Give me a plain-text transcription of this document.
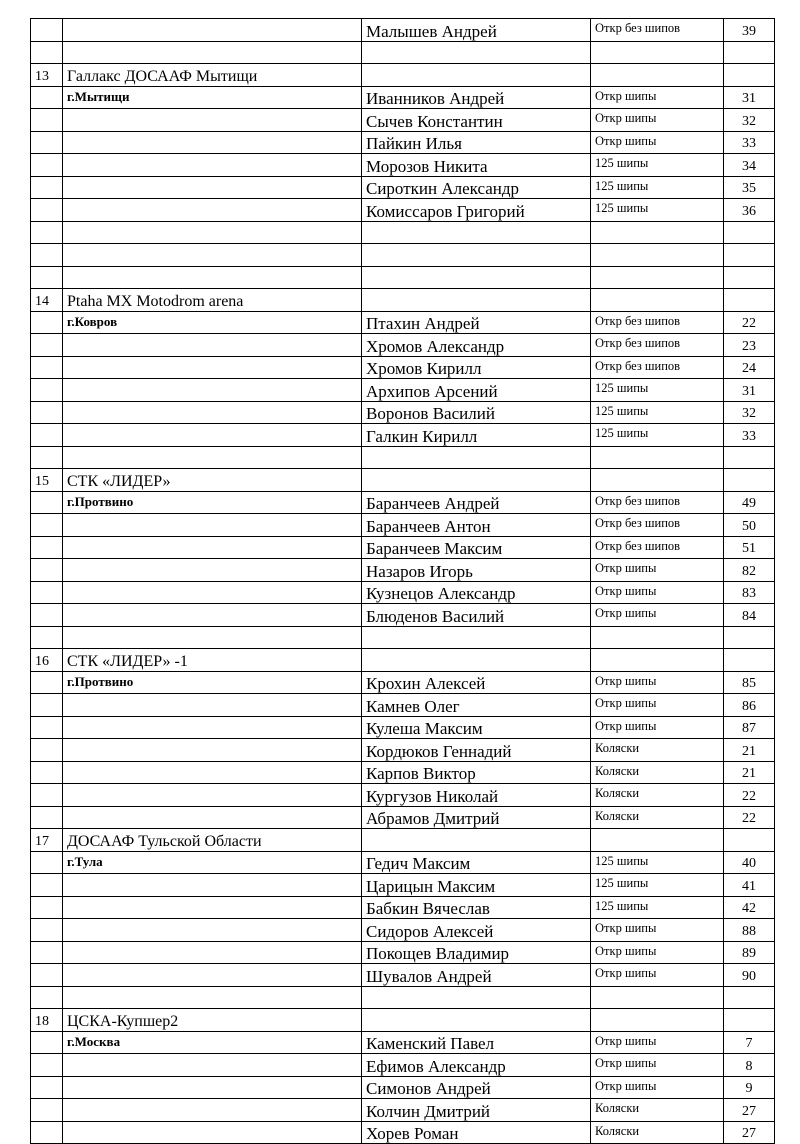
		Малышев Андрей	Откр без шипов	39

13	Галлакс ДОСААФ Мытищи			
	г.Мытищи	Иванников Андрей	Откр шипы	31
		Сычев Константин	Откр шипы	32
		Пайкин Илья	Откр шипы	33
		Морозов Никита	125 шипы	34
		Сироткин Александр	125 шипы	35
		Комиссаров Григорий	125 шипы	36

14	Ptaha MX Motodrom arena			
	г.Ковров	Птахин Андрей	Откр без шипов	22
		Хромов Александр	Откр без шипов	23
		Хромов Кирилл	Откр без шипов	24
		Архипов Арсений	125 шипы	31
		Воронов Василий	125 шипы	32
		Галкин Кирилл	125 шипы	33

15	СТК «ЛИДЕР»			
	г.Протвино	Баранчеев Андрей	Откр без шипов	49
		Баранчеев Антон	Откр без шипов	50
		Баранчеев Максим	Откр без шипов	51
		Назаров Игорь	Откр шипы	82
		Кузнецов Александр	Откр шипы	83
		Блюденов Василий	Откр шипы	84

16	СТК «ЛИДЕР» -1			
	г.Протвино	Крохин Алексей	Откр шипы	85
		Камнев Олег	Откр шипы	86
		Кулеша Максим	Откр шипы	87
		Кордюков Геннадий	Коляски	21
		Карпов Виктор	Коляски	21
		Кургузов Николай	Коляски	22
		Абрамов Дмитрий	Коляски	22
17	ДОСААФ Тульской Области			
	г.Тула	Гедич Максим	125 шипы	40
		Царицын Максим	125 шипы	41
		Бабкин Вячеслав	125 шипы	42
		Сидоров Алексей	Откр шипы	88
		Покощев Владимир	Откр шипы	89
		Шувалов Андрей	Откр шипы	90

18	ЦСКА-Купшер2			
	г.Москва	Каменский Павел	Откр шипы	7
		Ефимов Александр	Откр шипы	8
		Симонов Андрей	Откр шипы	9
		Колчин Дмитрий	Коляски	27
		Хорев Роман	Коляски	27
